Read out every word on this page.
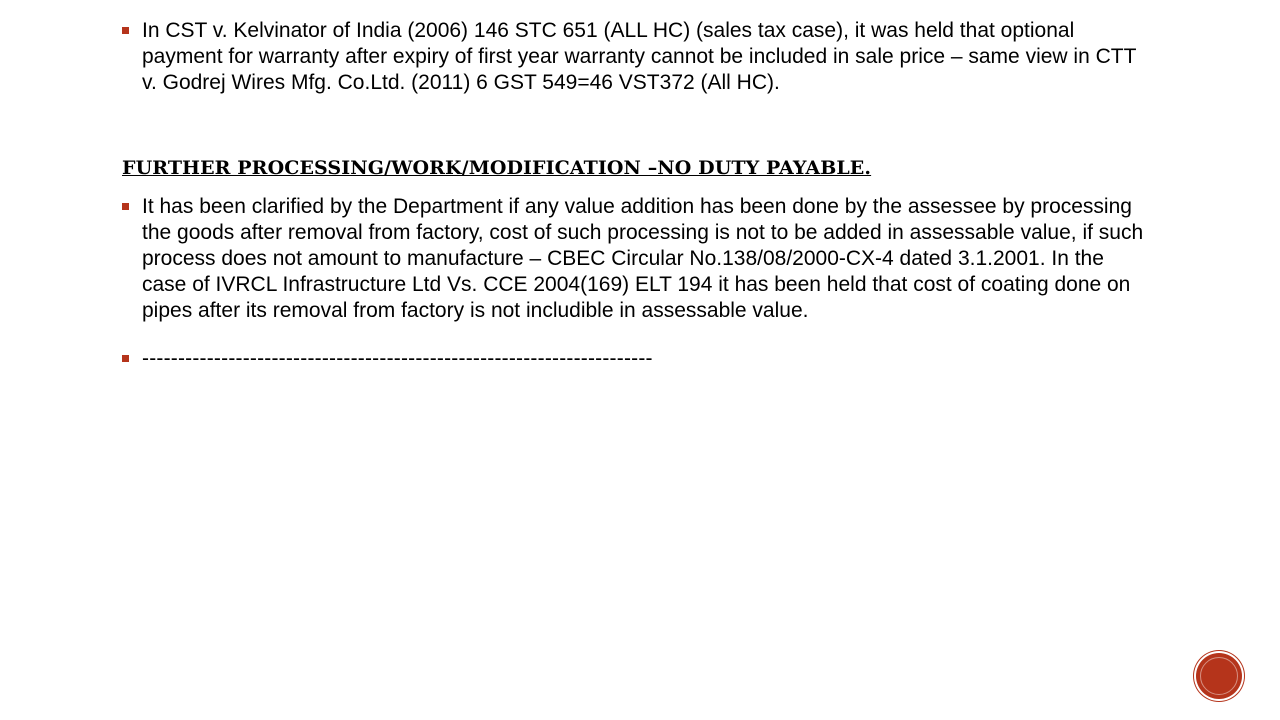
In CST v. Kelvinator of India (2006) 146 STC 651 (ALL HC) (sales tax case), it was held that optional payment for warranty after expiry of first year warranty cannot be included in sale price – same view in CTT v. Godrej Wires Mfg. Co.Ltd. (2011) 6 GST 549=46 VST372 (All HC).

FURTHER PROCESSING/WORK/MODIFICATION –NO DUTY PAYABLE.

It has been clarified by the Department if any value addition has been done by the assessee by processing the goods after removal from factory, cost of such processing is not to be added in assessable value, if such process does not amount to manufacture – CBEC Circular No.138/08/2000-CX-4 dated 3.1.2001. In the case of IVRCL Infrastructure Ltd Vs. CCE 2004(169) ELT 194 it has been held that cost of coating done on pipes after its removal from factory is not includible in assessable value.

-----------------------------------------------------------------------
